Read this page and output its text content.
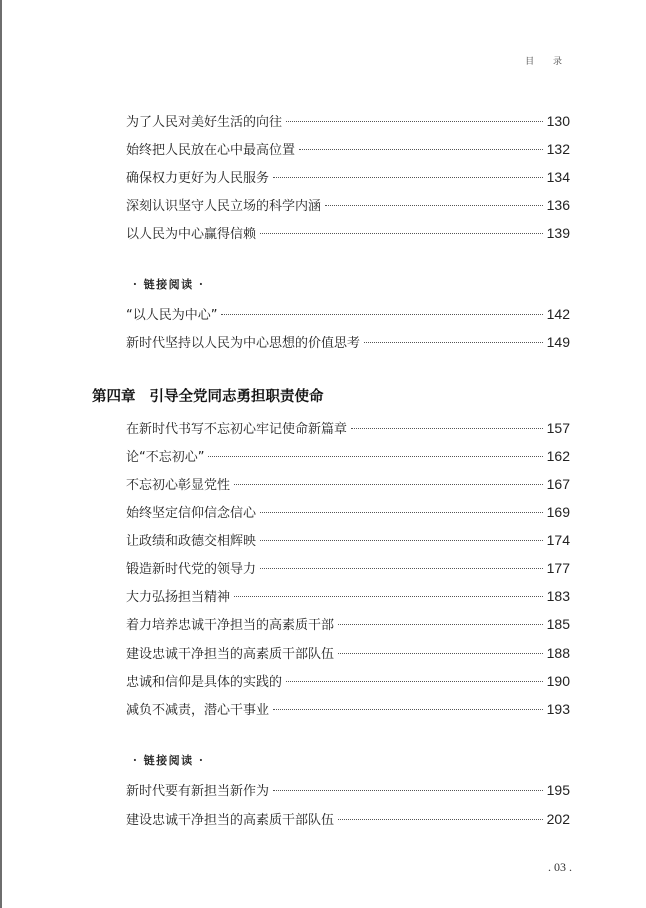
目 录
为了人民对美好生活的向往	130
始终把人民放在心中最高位置	132
确保权力更好为人民服务	134
深刻认识坚守人民立场的科学内涵	136
以人民为中心赢得信赖	139
· 链接阅读 ·
“以人民为中心”	142
新时代坚持以人民为中心思想的价值思考	149
第四章 引导全党同志勇担职责使命
在新时代书写不忘初心牢记使命新篇章	157
论“不忘初心”	162
不忘初心彰显党性	167
始终坚定信仰信念信心	169
让政绩和政德交相辉映	174
锻造新时代党的领导力	177
大力弘扬担当精神	183
着力培养忠诚干净担当的高素质干部	185
建设忠诚干净担当的高素质干部队伍	188
忠诚和信仰是具体的实践的	190
减负不减责，潜心干事业	193
· 链接阅读 ·
新时代要有新担当新作为	195
建设忠诚干净担当的高素质干部队伍	202
. 03 .
